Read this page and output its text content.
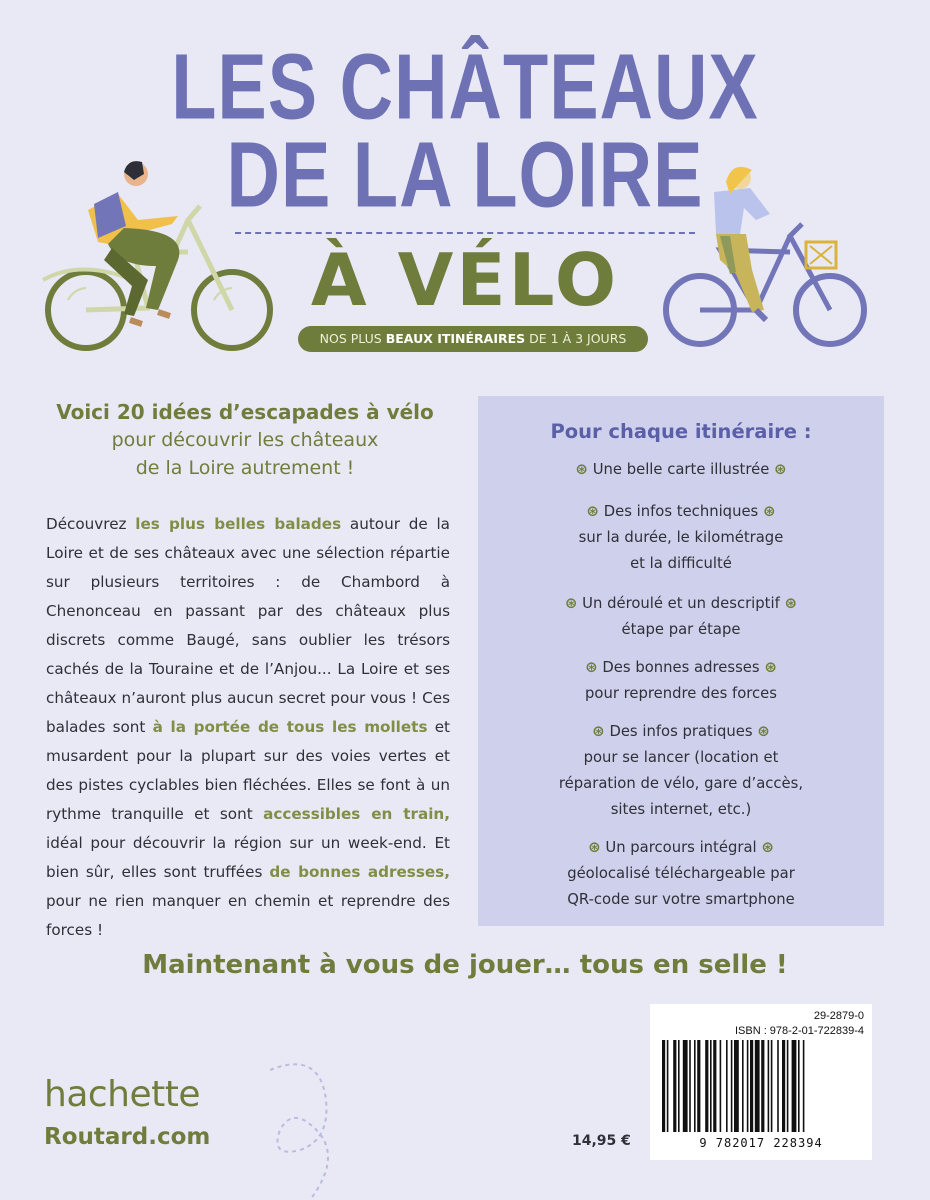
LES CHÂTEAUX
DE LA LOIRE
À VÉLO
NOS PLUS BEAUX ITINÉRAIRES DE 1 À 3 JOURS
Voici 20 idées d’escapades à vélo
pour découvrir les châteaux
de la Loire autrement !
Découvrez les plus belles balades autour de la Loire et de ses châteaux avec une sélection répartie sur plusieurs territoires : de Chambord à Chenonceau en passant par des châteaux plus discrets comme Baugé, sans oublier les trésors cachés de la Touraine et de l’Anjou... La Loire et ses châteaux n’auront plus aucun secret pour vous ! Ces balades sont à la portée de tous les mollets et musardent pour la plupart sur des voies vertes et des pistes cyclables bien fléchées. Elles se font à un rythme tranquille et sont accessibles en train, idéal pour découvrir la région sur un week-end. Et bien sûr, elles sont truffées de bonnes adresses, pour ne rien manquer en chemin et reprendre des forces !
Pour chaque itinéraire :
⊛ Une belle carte illustrée ⊛
⊛ Des infos techniques ⊛
sur la durée, le kilométrage
et la difficulté
⊛ Un déroulé et un descriptif ⊛
étape par étape
⊛ Des bonnes adresses ⊛
pour reprendre des forces
⊛ Des infos pratiques ⊛
pour se lancer (location et
réparation de vélo, gare d’accès,
sites internet, etc.)
⊛ Un parcours intégral ⊛
géolocalisé téléchargeable par
QR-code sur votre smartphone
Maintenant à vous de jouer… tous en selle !
hachette
Routard.com	14,95 €
29-2879-0
ISBN : 978-2-01-722839-4
9 782017 228394
